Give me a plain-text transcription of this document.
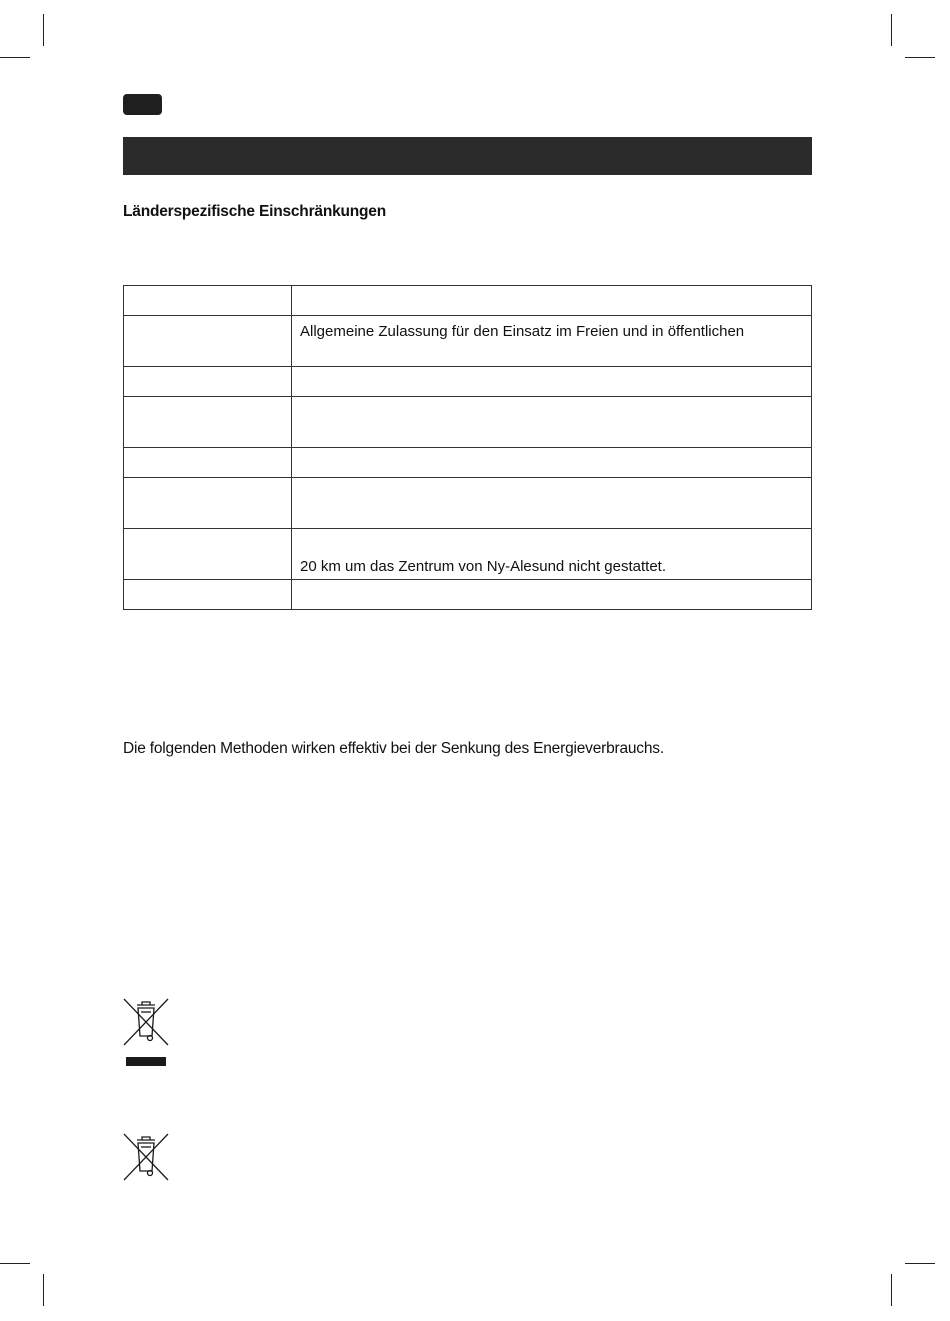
Länderspezifische Einschränkungen

	Allgemeine Zulassung für den Einsatz im Freien und in öffentlichen

	20 km um das Zentrum von Ny-Alesund nicht gestattet.

Die folgenden Methoden wirken effektiv bei der Senkung des Energieverbrauchs.
